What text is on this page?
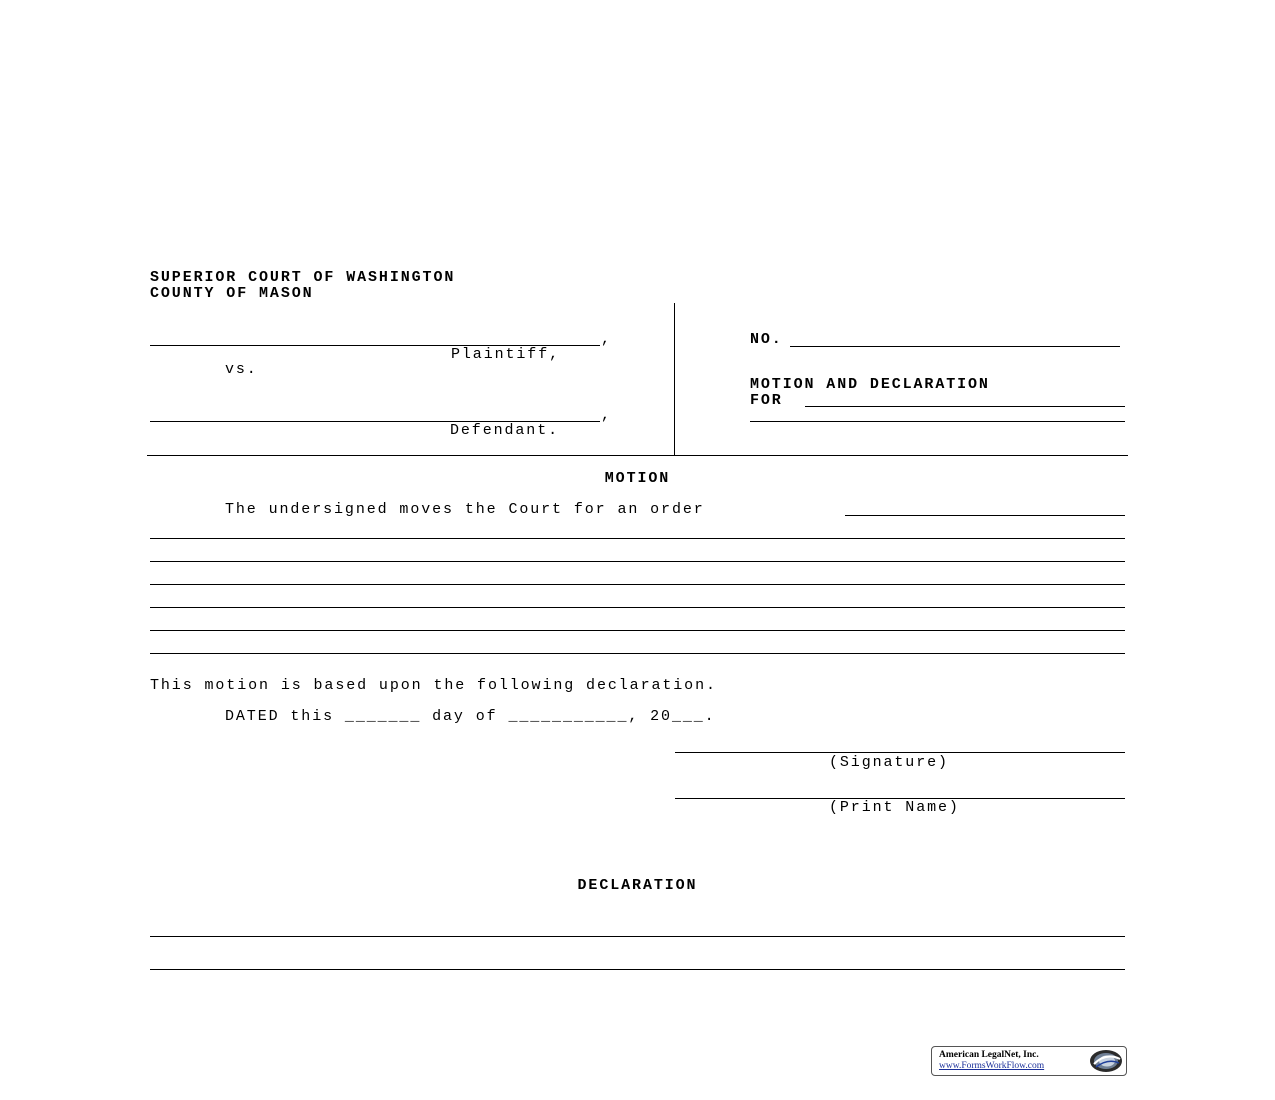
SUPERIOR COURT OF WASHINGTON
COUNTY OF MASON
,
Plaintiff,
vs.
,
Defendant.
NO.
MOTION AND DECLARATION
FOR
MOTION
The undersigned moves the Court for an order
This motion is based upon the following declaration.
DATED this _______ day of ___________, 20___.
(Signature)
(Print Name)
DECLARATION
American LegalNet, Inc.
www.FormsWorkFlow.com
